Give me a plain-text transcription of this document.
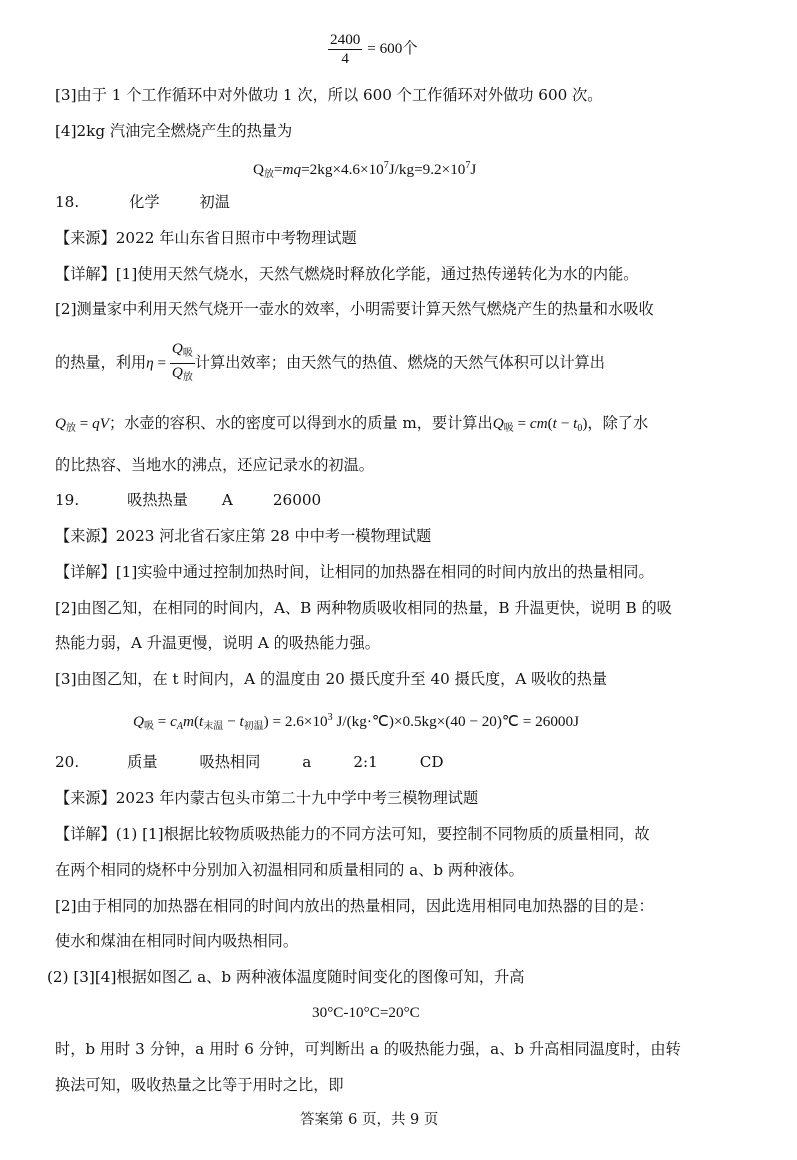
$\frac{2400}{4} = 600$个
[3]由于 1 个工作循环中对外做功 1 次，所以 600 个工作循环对外做功 600 次。
[4]2kg 汽油完全燃烧产生的热量为
$Q_放=mq=2kg\times 4.6\times 10^7J/kg=9.2\times 10^7J$
18.	化学	初温
【来源】2022 年山东省日照市中考物理试题
【详解】[1]使用天然气烧水，天然气燃烧时释放化学能，通过热传递转化为水的内能。
[2]测量家中利用天然气烧开一壶水的效率，小明需要计算天然气燃烧产生的热量和水吸收
的热量，利用$\eta = \frac{Q_吸}{Q_放}$ 计算出效率；由天然气的热值、燃烧的天然气体积可以计算出
$Q_放$ = qV；水壶的容积、水的密度可以得到水的质量 m，要计算出$Q_吸 = cm(t - t_0)$，除了水
的比热容、当地水的沸点，还应记录水的初温。
19.	吸热热量 A	26000
【来源】2023 河北省石家庄第 28 中中考一模物理试题
【详解】[1]实验中通过控制加热时间，让相同的加热器在相同的时间内放出的热量相同。
[2]由图乙知，在相同的时间内，A、B 两种物质吸收相同的热量，B 升温更快，说明 B 的吸
热能力弱，A 升温更慢，说明 A 的吸热能力强。
[3]由图乙知，在 t 时间内，A 的温度由 20 摄氏度升至 40 摄氏度，A 吸收的热量
$Q_吸 = c_Am(t_{末温} - t_{初温}) = 2.6\times 10^3$ J/(kg·℃)×0.5kg×(40 − 20)℃ = 26000J
20.	质量	吸热相同	a	2:1	CD
【来源】2023 年内蒙古包头市第二十九中学中考三模物理试题
【详解】(1) [1]根据比较物质吸热能力的不同方法可知，要控制不同物质的质量相同，故
在两个相同的烧杯中分别加入初温相同和质量相同的 a、b 两种液体。
[2]由于相同的加热器在相同的时间内放出的热量相同，因此选用相同电加热器的目的是：
使水和煤油在相同时间内吸热相同。
(2) [3][4]根据如图乙 a、b 两种液体温度随时间变化的图像可知，升高
30°C-10°C=20°C
时，b 用时 3 分钟，a 用时 6 分钟，可判断出 a 的吸热能力强，a、b 升高相同温度时，由转
换法可知，吸收热量之比等于用时之比，即
答案第 6 页，共 9 页
